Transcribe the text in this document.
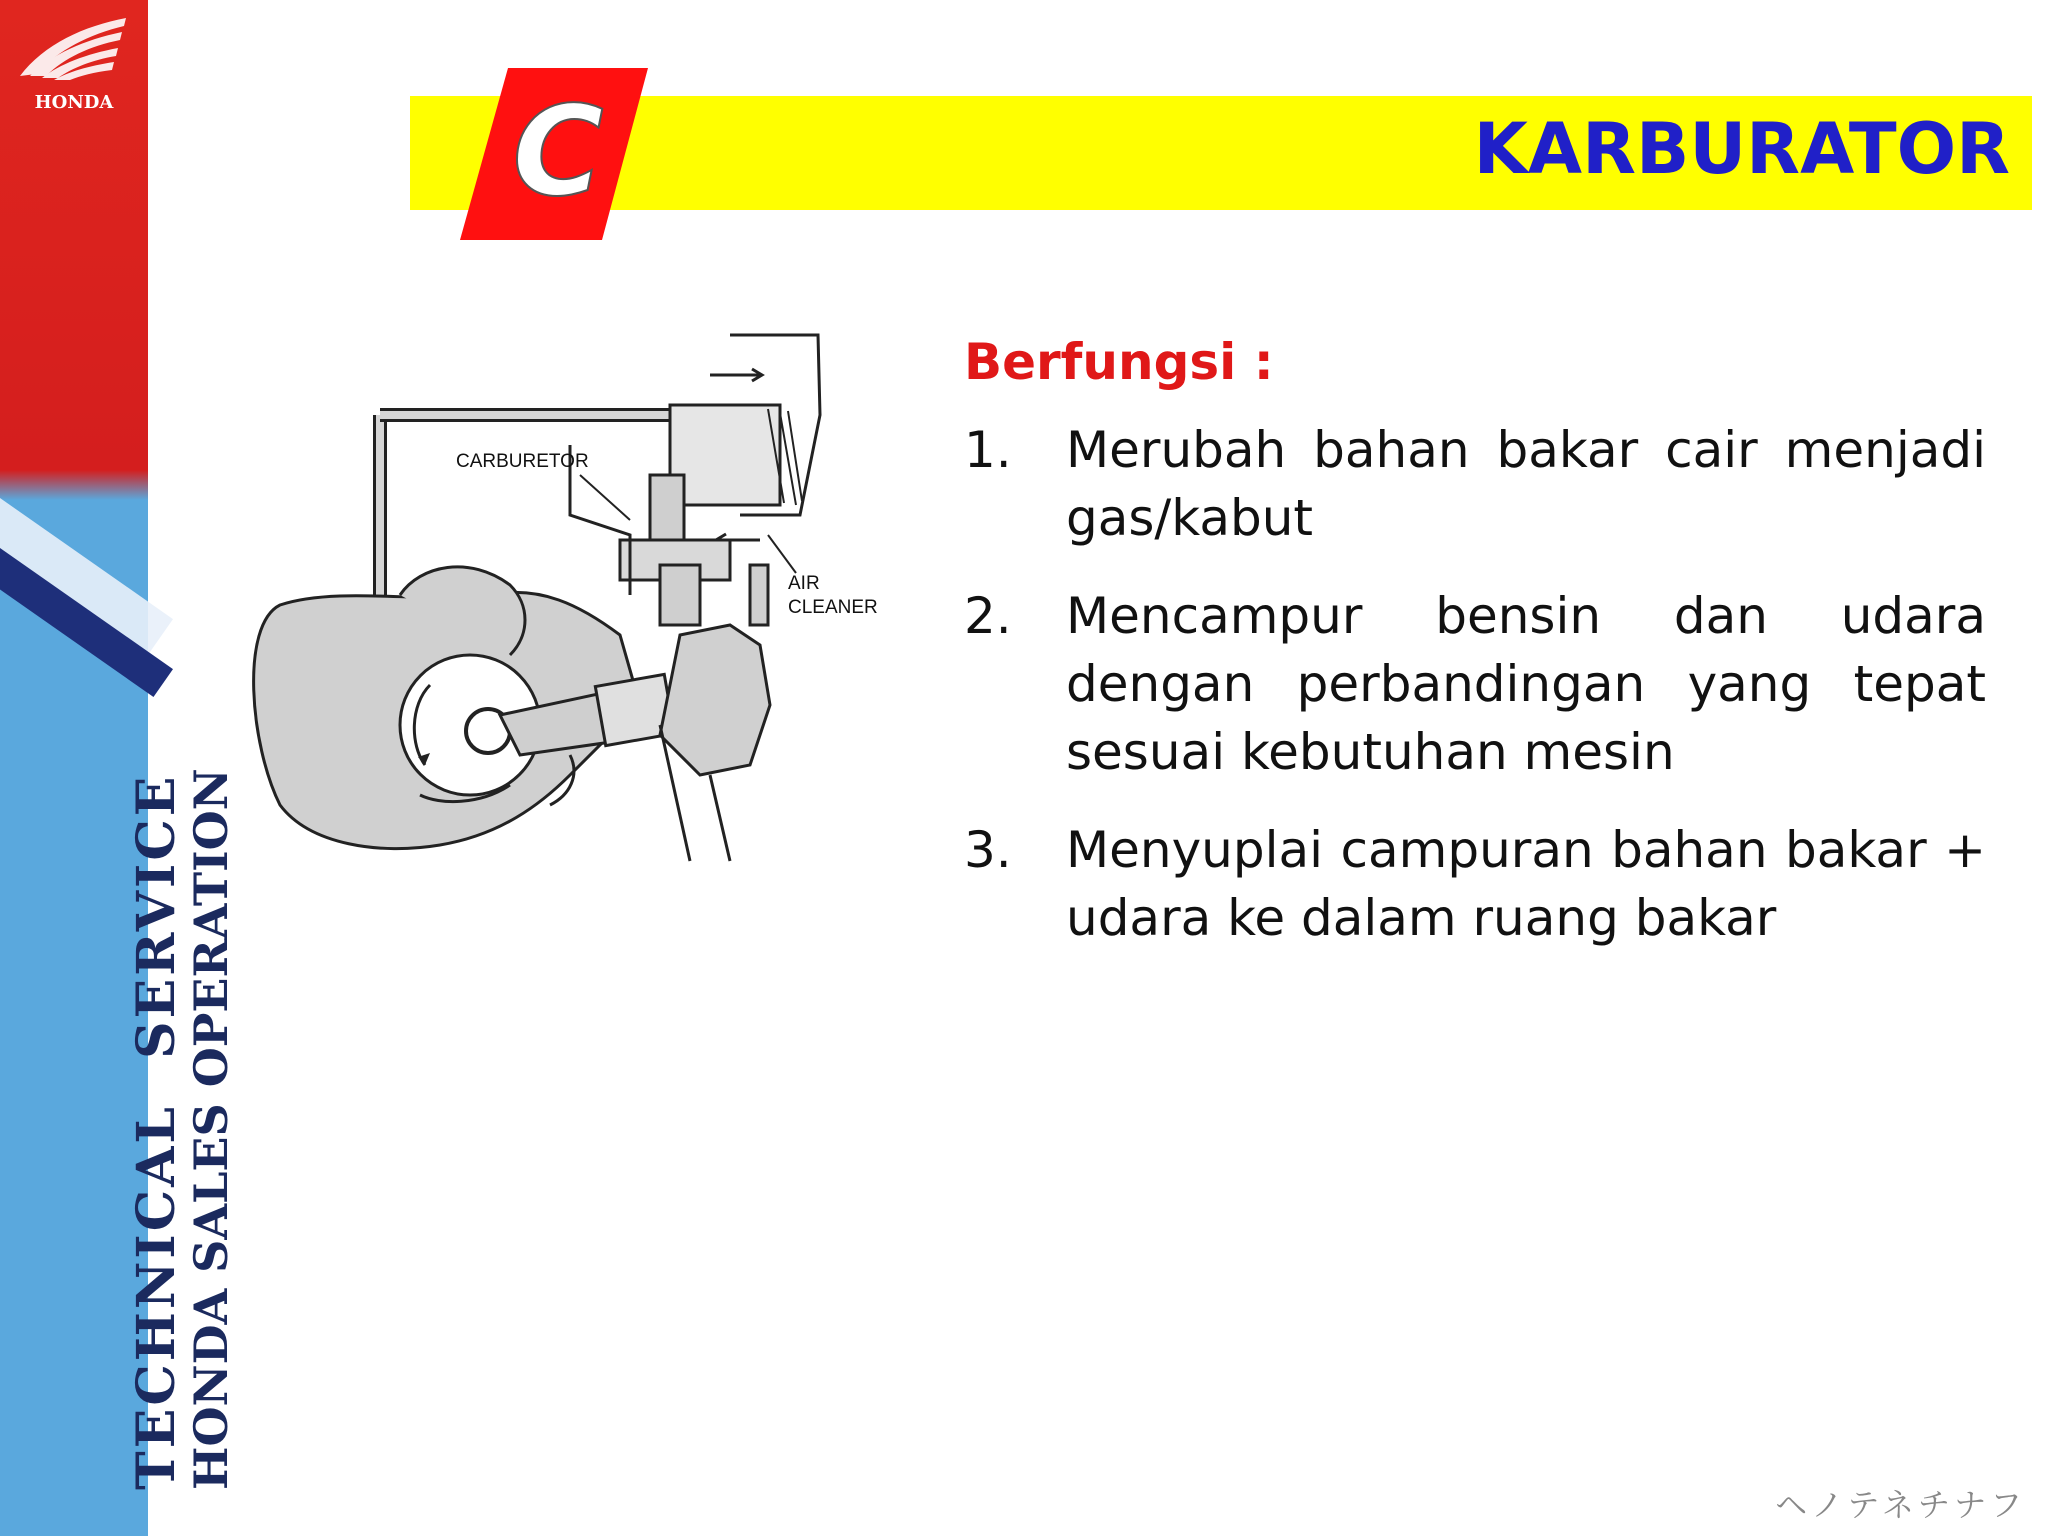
HONDA
TECHNICAL SERVICE
HONDA SALES OPERATION
KARBURATOR
C
CARBURETOR
AIR
CLEANER
Berfungsi :
1.	Merubah bahan bakar cair menjadi gas/kabut
2.	Mencampur bensin dan udara dengan perbandingan yang tepat sesuai kebutuhan mesin
3.	Menyuplai campuran bahan bakar + udara ke dalam ruang bakar
ヘノテネチナフ
